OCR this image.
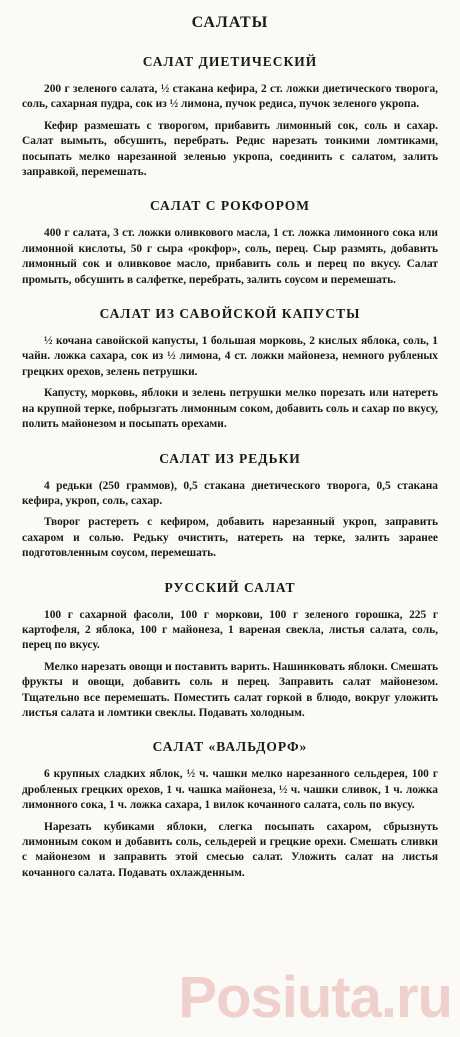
САЛАТЫ
САЛАТ ДИЕТИЧЕСКИЙ

200 г зеленого салата, ½ стакана кефира, 2 ст. ложки диетического творога, соль, сахарная пудра, сок из ½ лимона, пучок редиса, пучок зеленого укропа.

Кефир размешать с творогом, прибавить лимонный сок, соль и сахар. Салат вымыть, обсушить, перебрать. Редис нарезать тонкими ломтиками, посыпать мелко нарезанной зеленью укропа, соединить с салатом, залить заправкой, перемешать.

САЛАТ С РОКФОРОМ

400 г салата, 3 ст. ложки оливкового масла, 1 ст. ложка лимонного сока или лимонной кислоты, 50 г сыра «рокфор», соль, перец. Сыр размять, добавить лимонный сок и оливковое масло, прибавить соль и перец по вкусу. Салат промыть, обсушить в салфетке, перебрать, залить соусом и перемешать.

САЛАТ ИЗ САВОЙСКОЙ КАПУСТЫ

½ кочана савойской капусты, 1 большая морковь, 2 кислых яблока, соль, 1 чайн. ложка сахара, сок из ½ лимона, 4 ст. ложки майонеза, немного рубленых грецких орехов, зелень петрушки.

Капусту, морковь, яблоки и зелень петрушки мелко порезать или натереть на крупной терке, побрызгать лимонным соком, добавить соль и сахар по вкусу, полить майонезом и посыпать орехами.

САЛАТ ИЗ РЕДЬКИ

4 редьки (250 граммов), 0,5 стакана диетического творога, 0,5 стакана кефира, укроп, соль, сахар.

Творог растереть с кефиром, добавить нарезанный укроп, заправить сахаром и солью. Редьку очистить, натереть на терке, залить заранее подготовленным соусом, перемешать.

РУССКИЙ САЛАТ

100 г сахарной фасоли, 100 г моркови, 100 г зеленого горошка, 225 г картофеля, 2 яблока, 100 г майонеза, 1 вареная свекла, листья салата, соль, перец по вкусу.

Мелко нарезать овощи и поставить варить. Нашинковать яблоки. Смешать фрукты и овощи, добавить соль и перец. Заправить салат майонезом. Тщательно все перемешать. Поместить салат горкой в блюдо, вокруг уложить листья салата и ломтики свеклы. Подавать холодным.

САЛАТ «ВАЛЬДОРФ»

6 крупных сладких яблок, ½ ч. чашки мелко нарезанного сельдерея, 100 г дробленых грецких орехов, 1 ч. чашка майонеза, ½ ч. чашки сливок, 1 ч. ложка лимонного сока, 1 ч. ложка сахара, 1 вилок кочанного салата, соль по вкусу.

Нарезать кубиками яблоки, слегка посыпать сахаром, сбрызнуть лимонным соком и добавить соль, сельдерей и грецкие орехи. Смешать сливки с майонезом и заправить этой смесью салат. Уложить салат на листья кочанного салата. Подавать охлажденным.

Posiuta.ru
